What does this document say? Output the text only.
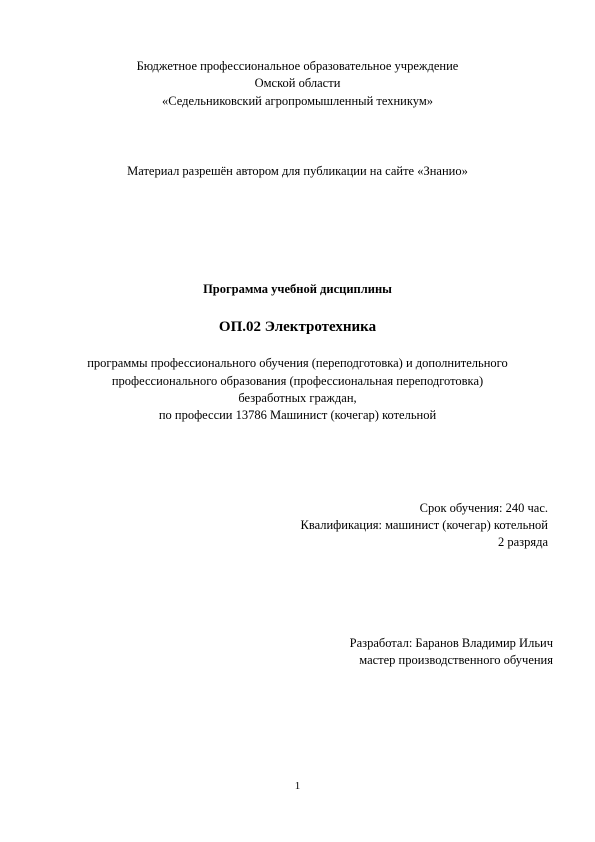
Бюджетное профессиональное образовательное учреждение
Омской области
«Седельниковский агропромышленный техникум»
Материал разрешён автором для публикации на сайте «Знанио»
Программа учебной дисциплины
ОП.02 Электротехника
программы профессионального обучения (переподготовка) и дополнительного
профессионального образования (профессиональная переподготовка)
безработных граждан,
по профессии 13786 Машинист (кочегар) котельной
Срок обучения: 240 час.
Квалификация: машинист (кочегар) котельной
2 разряда
Разработал: Баранов Владимир Ильич
мастер производственного обучения
1
